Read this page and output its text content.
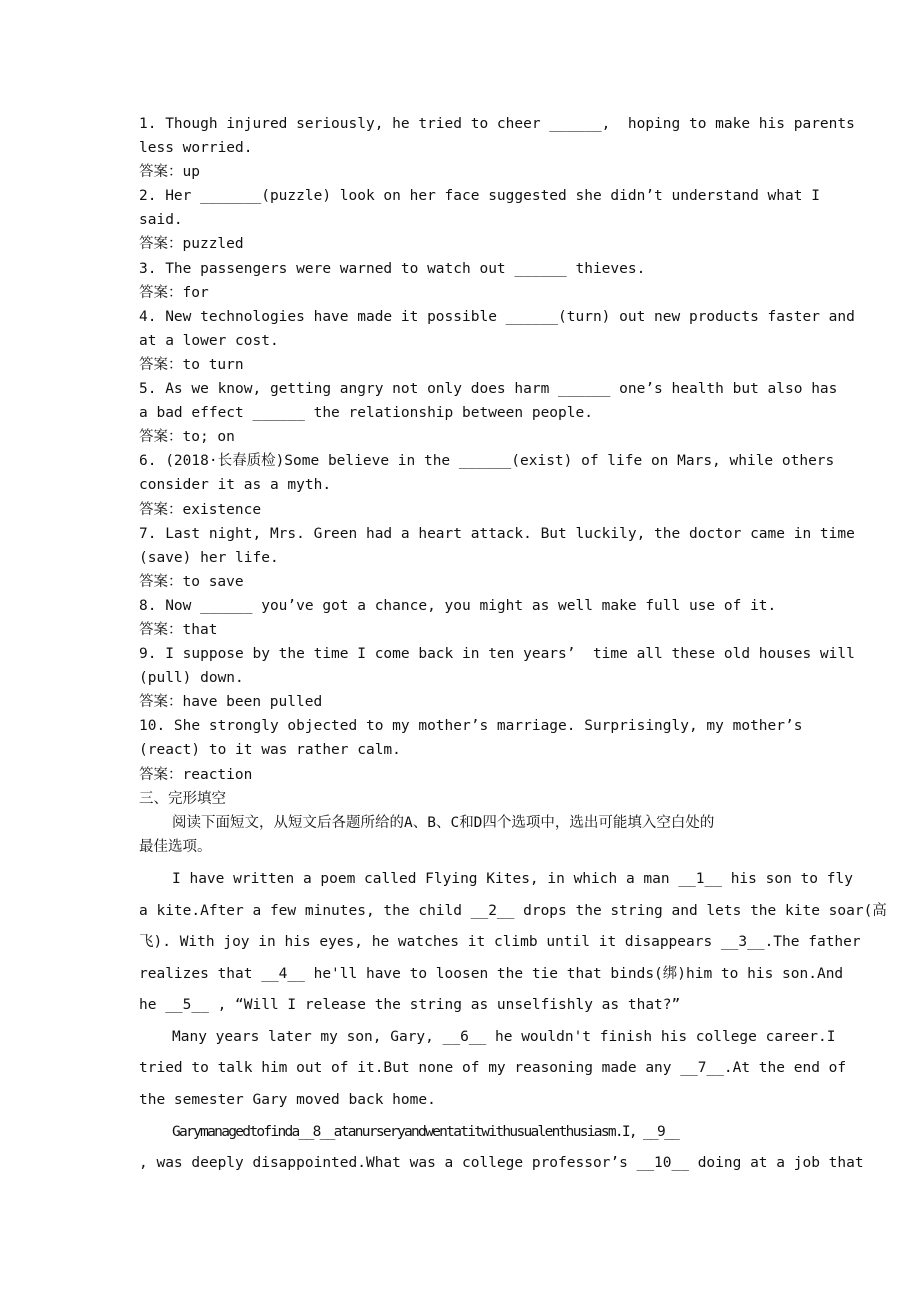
1. Though injured seriously, he tried to cheer ______,  hoping to make his parents
less worried.
答案：up
2. Her _______(puzzle) look on her face suggested she didn’t understand what I
said.
答案：puzzled
3. The passengers were warned to watch out ______ thieves.
答案：for
4. New technologies have made it possible ______(turn) out new products faster and
at a lower cost.
答案：to turn
5. As we know, getting angry not only does harm ______ one’s health but also has
a bad effect ______ the relationship between people.
答案：to; on
6. (2018·长春质检)Some believe in the ______(exist) of life on Mars, while others
consider it as a myth.
答案：existence
7. Last night, Mrs. Green had a heart attack. But luckily, the doctor came in time
(save) her life.
答案：to save
8. Now ______ you’ve got a chance, you might as well make full use of it.
答案：that
9. I suppose by the time I come back in ten years’  time all these old houses will
(pull) down.
答案：have been pulled
10. She strongly objected to my mother’s marriage. Surprisingly, my mother’s
(react) to it was rather calm.
答案：reaction
三、完形填空
阅读下面短文，从短文后各题所给的A、B、C和D四个选项中，选出可能填入空白处的
最佳选项。
I have written a poem called Flying Kites, in which a man __1__ his son to fly
a kite.After a few minutes, the child __2__ drops the string and lets the kite soar(高
飞). With joy in his eyes, he watches it climb until it disappears __3__.The father
realizes that __4__ he'll have to loosen the tie that binds(绑)him to his son.And
he __5__ , “Will I release the string as unselfishly as that?”
Many years later my son, Gary, __6__ he wouldn't finish his college career.I
tried to talk him out of it.But none of my reasoning made any __7__.At the end of
the semester Gary moved back home.
Garymanagedtofinda__8__atanurseryandwentatitwithusualenthusiasm.I, __9__
, was deeply disappointed.What was a college professor’s __10__ doing at a job that
